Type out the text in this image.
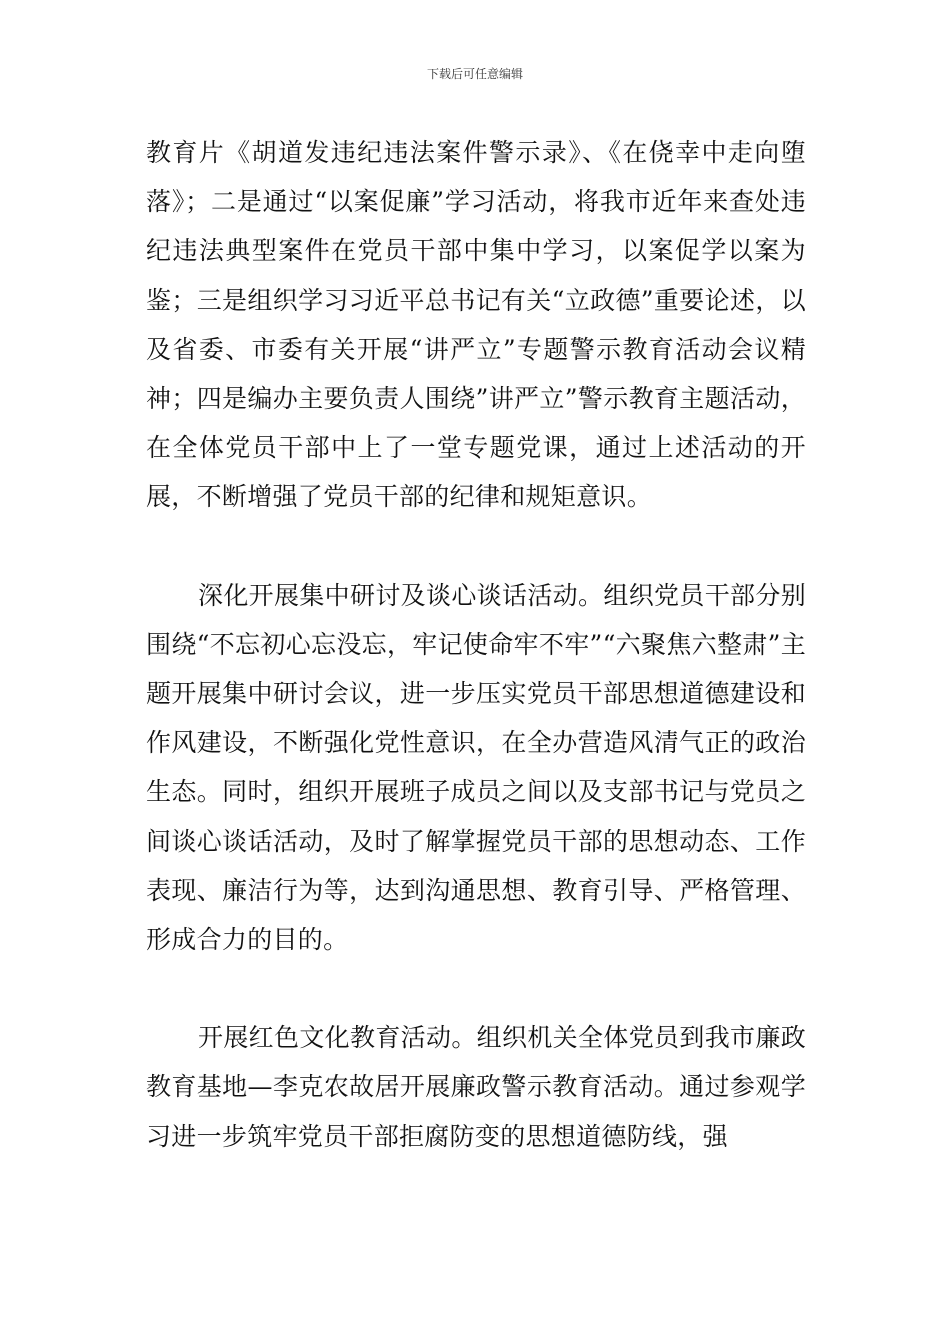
下载后可任意编辑

教育片《胡道发违纪违法案件警示录》、《在侥幸中走向堕落》；二是通过“以案促廉”学习活动，将我市近年来查处违纪违法典型案件在党员干部中集中学习，以案促学以案为鉴；三是组织学习习近平总书记有关“立政德”重要论述，以及省委、市委有关开展“讲严立”专题警示教育活动会议精神；四是编办主要负责人围绕”讲严立”警示教育主题活动，在全体党员干部中上了一堂专题党课，通过上述活动的开展，不断增强了党员干部的纪律和规矩意识。

深化开展集中研讨及谈心谈话活动。组织党员干部分别围绕“不忘初心忘没忘，牢记使命牢不牢”“六聚焦六整肃”主题开展集中研讨会议，进一步压实党员干部思想道德建设和作风建设，不断强化党性意识，在全办营造风清气正的政治生态。同时，组织开展班子成员之间以及支部书记与党员之间谈心谈话活动，及时了解掌握党员干部的思想动态、工作表现、廉洁行为等，达到沟通思想、教育引导、严格管理、形成合力的目的。

开展红色文化教育活动。组织机关全体党员到我市廉政教育基地—李克农故居开展廉政警示教育活动。通过参观学习进一步筑牢党员干部拒腐防变的思想道德防线，强
